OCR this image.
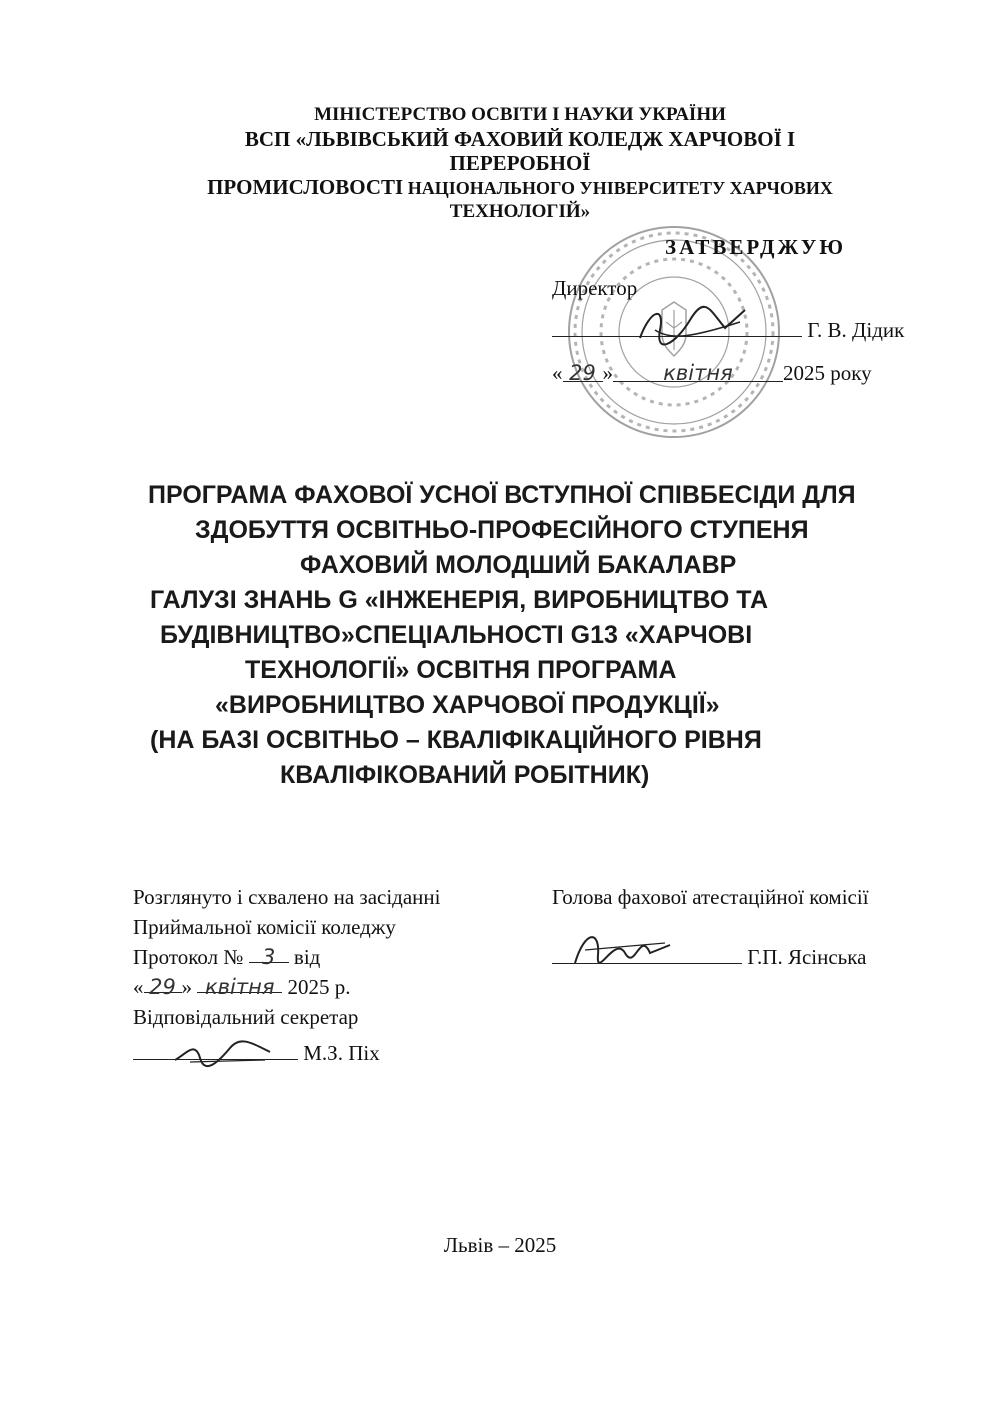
МІНІСТЕРСТВО ОСВІТИ І НАУКИ УКРАЇНИ
ВСП «ЛЬВІВСЬКИЙ ФАХОВИЙ КОЛЕДЖ ХАРЧОВОЇ І ПЕРЕРОБНОЇ
ПРОМИСЛОВОСТІ НАЦІОНАЛЬНОГО УНІВЕРСИТЕТУ ХАРЧОВИХ
ТЕХНОЛОГІЙ»
ЗАТВЕРДЖУЮ
Директор
Г. В. Дідик
« 29 » квітня 2025 року
ПРОГРАМА ФАХОВОЇ УСНОЇ ВСТУПНОЇ СПІВБЕСІДИ ДЛЯ
ЗДОБУТТЯ ОСВІТНЬО-ПРОФЕСІЙНОГО СТУПЕНЯ
ФАХОВИЙ МОЛОДШИЙ БАКАЛАВР
ГАЛУЗІ ЗНАНЬ G «ІНЖЕНЕРІЯ, ВИРОБНИЦТВО ТА
БУДІВНИЦТВО»СПЕЦІАЛЬНОСТІ G13 «ХАРЧОВІ
ТЕХНОЛОГІЇ» ОСВІТНЯ ПРОГРАМА
«ВИРОБНИЦТВО ХАРЧОВОЇ ПРОДУКЦІЇ»
(НА БАЗІ ОСВІТНЬО – КВАЛІФІКАЦІЙНОГО РІВНЯ
КВАЛІФІКОВАНИЙ РОБІТНИК)
Розглянуто і схвалено на засіданні
Приймальної комісії коледжу
Протокол № 3 від
« 29 » квітня 2025 р.
Відповідальний секретар
М.З. Піх
Голова фахової атестаційної комісії
Г.П. Ясінська
Львів – 2025
